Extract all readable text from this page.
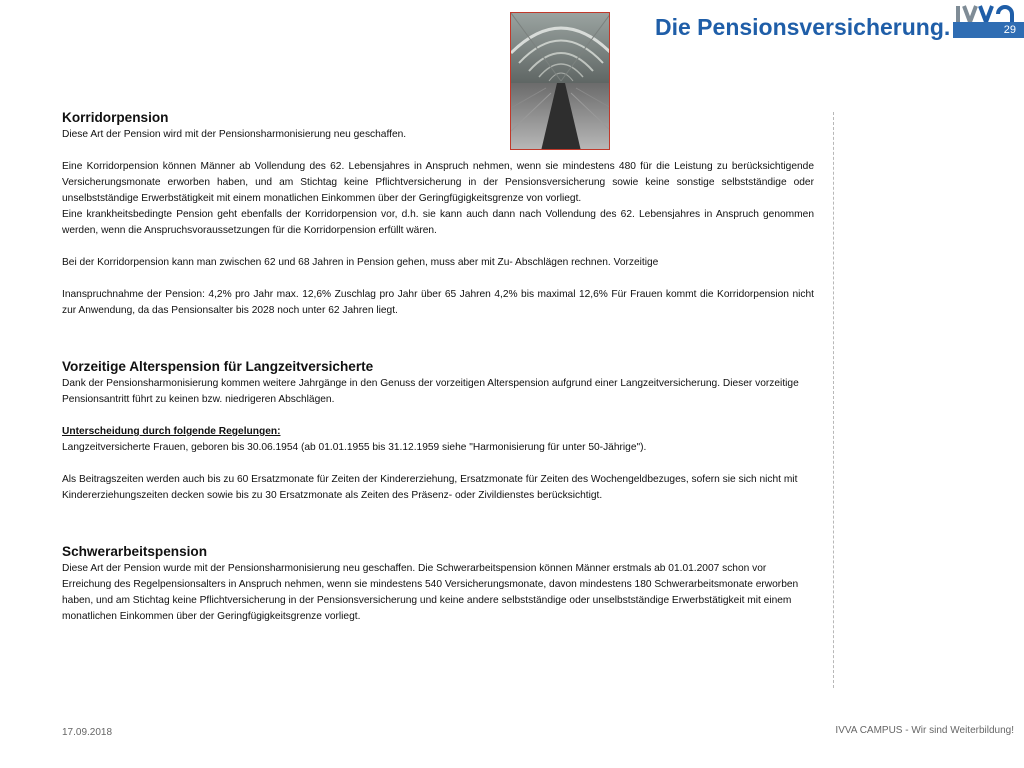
Die Pensionsversicherung.	29
Korridorpension

Diese Art der Pension wird mit der Pensionsharmonisierung neu geschaffen.

Eine Korridorpension können Männer ab Vollendung des 62. Lebensjahres in Anspruch nehmen, wenn sie mindestens 480 für die Leistung zu berücksichtigende Versicherungsmonate erworben haben, und am Stichtag keine Pflichtversicherung in der Pensionsversicherung sowie keine sonstige selbstständige oder unselbstständige Erwerbstätigkeit mit einem monatlichen Einkommen über der Geringfügigkeitsgrenze von vorliegt.

Eine krankheitsbedingte Pension geht ebenfalls der Korridorpension vor, d.h. sie kann auch dann nach Vollendung des 62. Lebensjahres in Anspruch genommen werden, wenn die Anspruchsvoraussetzungen für die Korridorpension erfüllt wären.

Bei der Korridorpension kann man zwischen 62 und 68 Jahren in Pension gehen, muss aber mit Zu- Abschlägen rechnen. Vorzeitige

Inanspruchnahme der Pension: 4,2% pro Jahr max. 12,6% Zuschlag pro Jahr über 65 Jahren 4,2% bis maximal 12,6% Für Frauen kommt die Korridorpension nicht zur Anwendung, da das Pensionsalter bis 2028 noch unter 62 Jahren liegt.

Vorzeitige Alterspension für Langzeitversicherte

Dank der Pensionsharmonisierung kommen weitere Jahrgänge in den Genuss der vorzeitigen Alterspension aufgrund einer Langzeitversicherung. Dieser vorzeitige Pensionsantritt führt zu keinen bzw. niedrigeren Abschlägen.

Unterscheidung durch folgende Regelungen:

Langzeitversicherte Frauen, geboren bis 30.06.1954 (ab 01.01.1955 bis 31.12.1959 siehe "Harmonisierung für unter 50-Jährige").

Als Beitragszeiten werden auch bis zu 60 Ersatzmonate für Zeiten der Kindererziehung, Ersatzmonate für Zeiten des Wochengeldbezuges, sofern sie sich nicht mit Kindererziehungszeiten decken sowie bis zu 30 Ersatzmonate als Zeiten des Präsenz- oder Zivildienstes berücksichtigt.

Schwerarbeitspension

Diese Art der Pension wurde mit der Pensionsharmonisierung neu geschaffen. Die Schwerarbeitspension können Männer erstmals ab 01.01.2007 schon vor Erreichung des Regelpensionsalters in Anspruch nehmen, wenn sie mindestens 540 Versicherungsmonate, davon mindestens 180 Schwerarbeitsmonate erworben haben, und am Stichtag keine Pflichtversicherung in der Pensionsversicherung und keine andere selbstständige oder unselbstständige Erwerbstätigkeit mit einem monatlichen Einkommen über der Geringfügigkeitsgrenze vorliegt.

17.09.2018	IVVA CAMPUS - Wir sind Weiterbildung!
